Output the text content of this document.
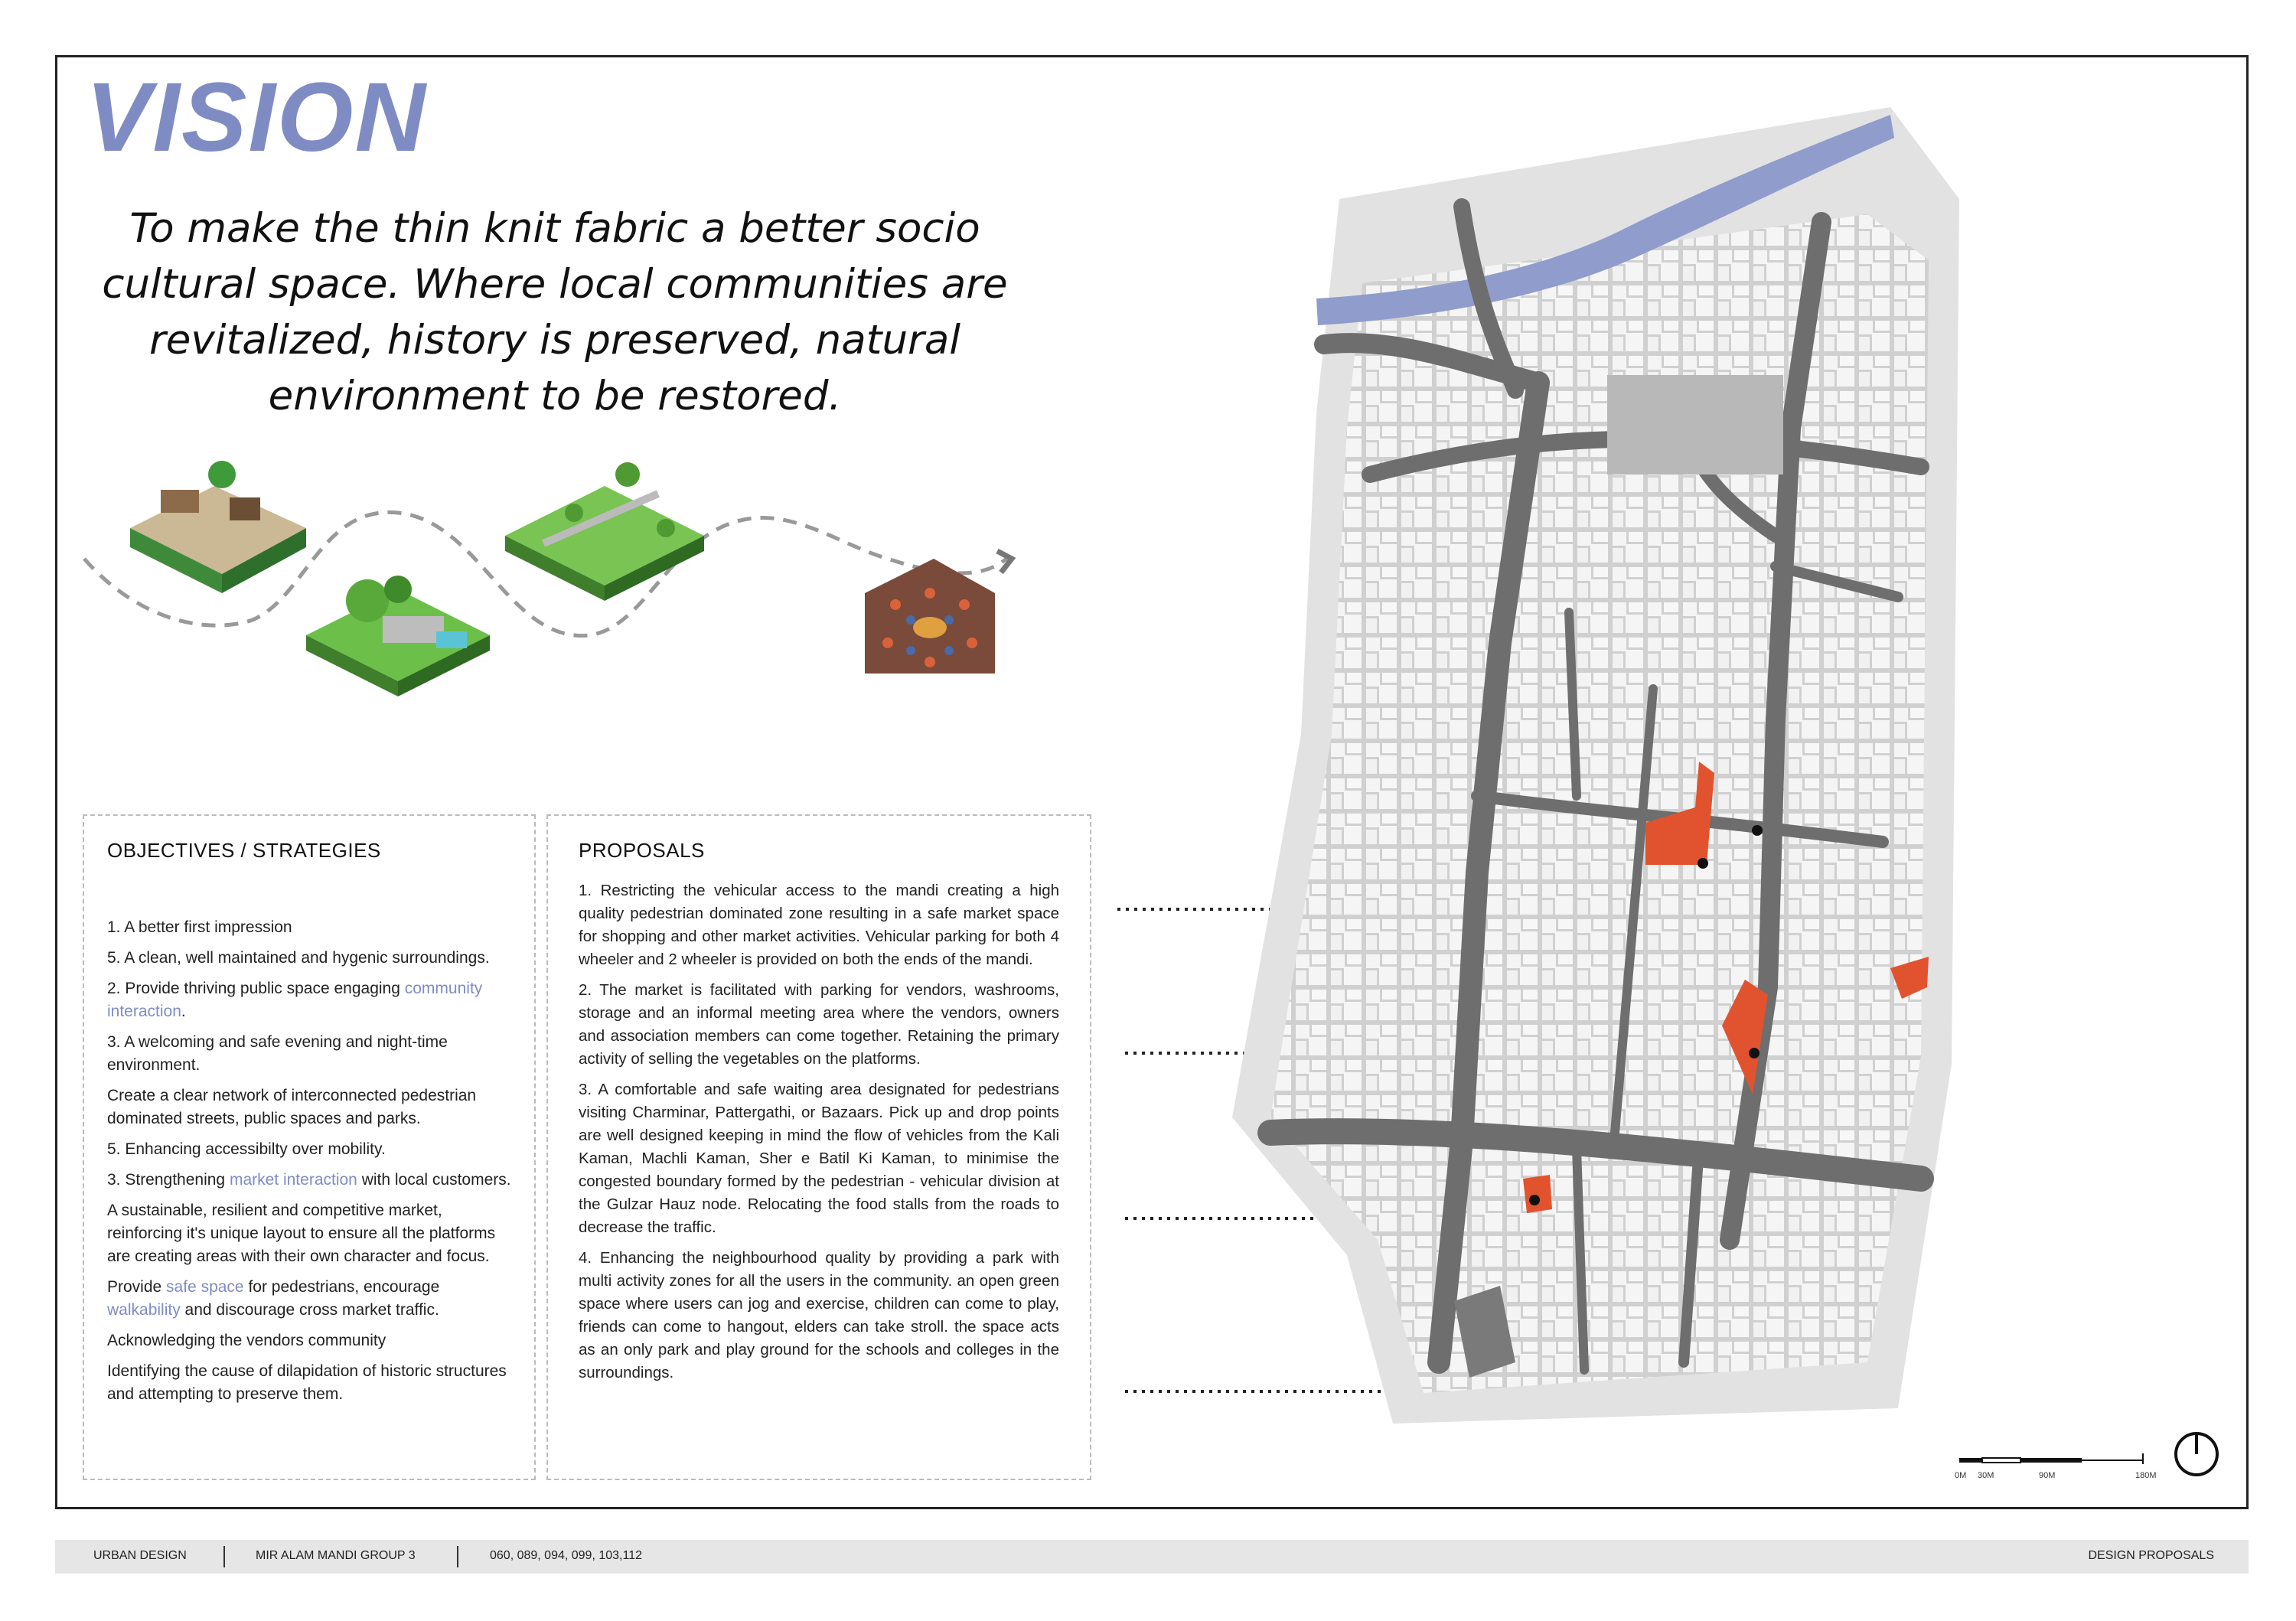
VISION
To make the thin knit fabric a better socio cultural space. Where local communities are revitalized, history is preserved, natural environment to be restored.
OBJECTIVES / STRATEGIES

1. A better first impression

5. A clean, well maintained and hygenic surroundings.

2. Provide thriving public space engaging community interaction.

3. A welcoming and safe evening and night-time environment.

Create a clear network of interconnected pedestrian dominated streets, public spaces and parks.

5. Enhancing accessibilty over mobility.

3. Strengthening market interaction with local customers.

A sustainable, resilient and competitive market, reinforcing it's unique layout to ensure all the platforms are creating areas with their own character and focus.

Provide safe space for pedestrians, encourage walkability and discourage cross market traffic.

Acknowledging the vendors community

Identifying the cause of dilapidation of historic structures and attempting to preserve them.

PROPOSALS

1. Restricting the vehicular access to the mandi creating a high quality pedestrian dominated zone resulting in a safe market space for shopping and other market activities. Vehicular parking for both 4 wheeler and 2 wheeler is provided on both the ends of the mandi.

2. The market is facilitated with parking for vendors, washrooms, storage and an informal meeting area where the vendors, owners and association members can come together. Retaining the primary activity of selling the vegetables on the platforms.

3. A comfortable and safe waiting area designated for pedestrians visiting Charminar, Pattergathi, or Bazaars. Pick up and drop points are well designed keeping in mind the flow of vehicles from the Kali Kaman, Machli Kaman, Sher e Batil Ki Kaman, to minimise the congested boundary formed by the pedestrian - vehicular division at the Gulzar Hauz node. Relocating the food stalls from the roads to decrease the traffic.

4. Enhancing the neighbourhood quality by providing a park with multi activity zones for all the users in the community. an open green space where users can jog and exercise, children can come to play, friends can come to hangout, elders can take stroll. the space acts as an only park and play ground for the schools and colleges in the surroundings.

0M 30M	90M	180M
URBAN DESIGN	MIR ALAM MANDI GROUP 3	060, 089, 094, 099, 103,112	DESIGN PROPOSALS
